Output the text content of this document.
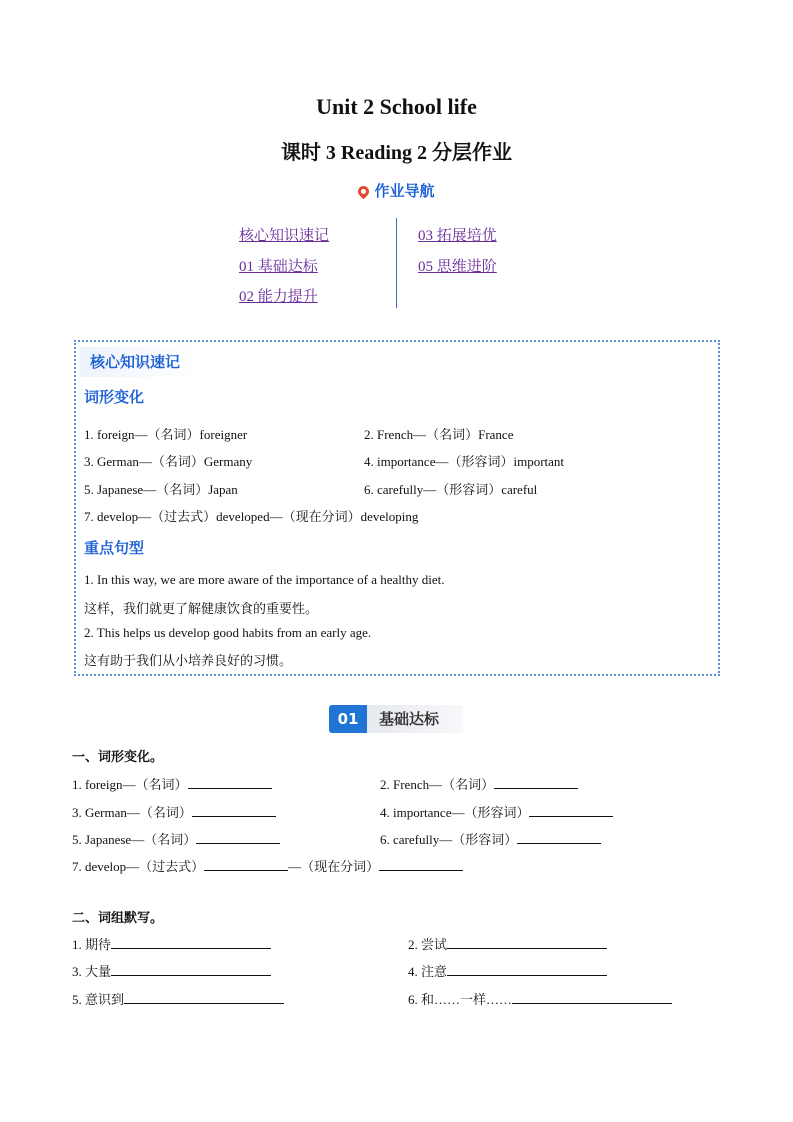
Unit 2 School life
课时 3 Reading 2 分层作业
作业导航
核心知识速记
01 基础达标
02 能力提升
03 拓展培优
05 思维进阶
核心知识速记
词形变化
1. foreign—（名词）foreigner	2. French—（名词）France
3. German—（名词）Germany	4. importance—（形容词）important
5. Japanese—（名词）Japan	6. carefully—（形容词）careful
7. develop—（过去式）developed—（现在分词）developing
重点句型
1. In this way, we are more aware of the importance of a healthy diet.
这样，我们就更了解健康饮食的重要性。
2. This helps us develop good habits from an early age.
这有助于我们从小培养良好的习惯。
01	基础达标
一、词形变化。
1. foreign—（名词）	2. French—（名词）
3. German—（名词）	4. importance—（形容词）
5. Japanese—（名词）	6. carefully—（形容词）
7. develop—（过去式）	—（现在分词）
二、词组默写。
1. 期待	2. 尝试
3. 大量	4. 注意
5. 意识到	6. 和……一样……
